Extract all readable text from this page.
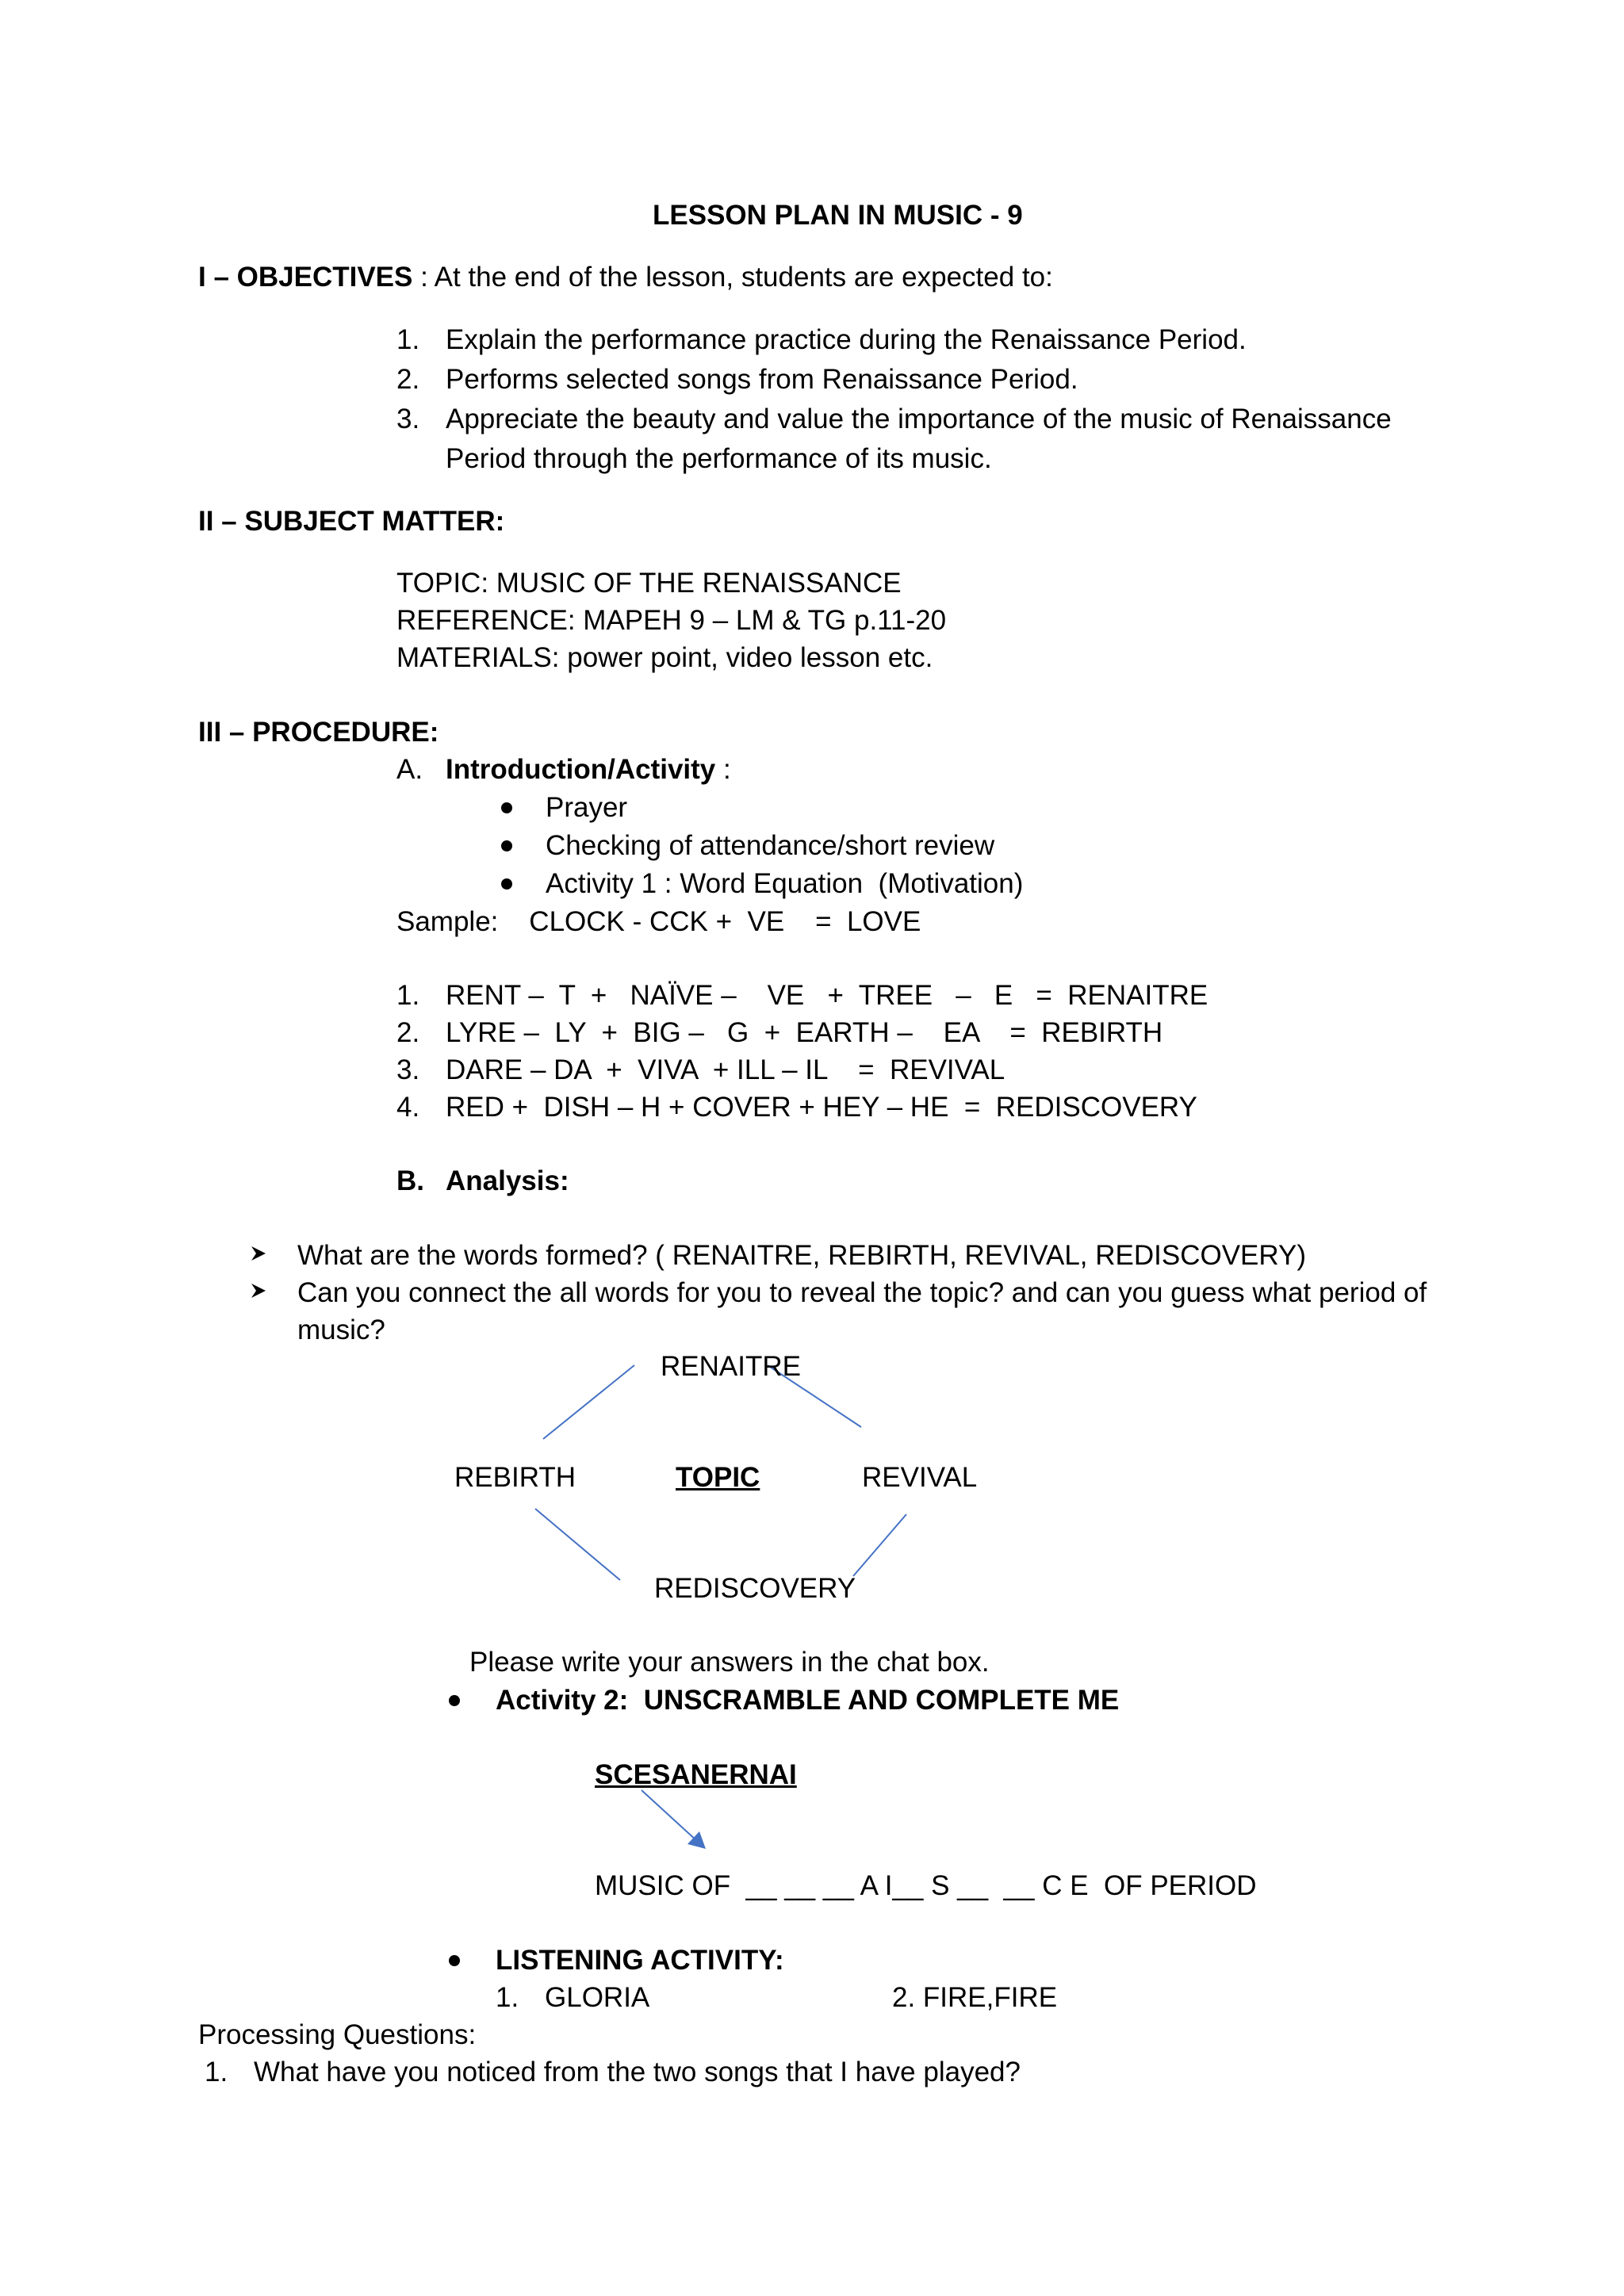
LESSON PLAN IN MUSIC - 9
I – OBJECTIVES : At the end of the lesson, students are expected to:
1. Explain the performance practice during the Renaissance Period.
2. Performs selected songs from Renaissance Period.
3. Appreciate the beauty and value the importance of the music of Renaissance
Period through the performance of its music.
II – SUBJECT MATTER:
TOPIC: MUSIC OF THE RENAISSANCE
REFERENCE: MAPEH 9 – LM & TG p.11-20
MATERIALS: power point, video lesson etc.
III – PROCEDURE:
A. Introduction/Activity :
Prayer
Checking of attendance/short review
Activity 1 : Word Equation  (Motivation)
Sample:    CLOCK - CCK +  VE    =  LOVE
1. RENT –  T  +   NAÏVE –    VE   +  TREE   –   E   =  RENAITRE
2. LYRE –  LY  +  BIG –   G  +  EARTH –    EA    =  REBIRTH
3. DARE – DA  +  VIVA  + ILL – IL    =  REVIVAL
4. RED +  DISH – H + COVER + HEY – HE  =  REDISCOVERY
B. Analysis:
What are the words formed? ( RENAITRE, REBIRTH, REVIVAL, REDISCOVERY)
Can you connect the all words for you to reveal the topic? and can you guess what period of
music?
RENAITRE
REBIRTH	TOPIC	REVIVAL
REDISCOVERY
Please write your answers in the chat box.
Activity 2:  UNSCRAMBLE AND COMPLETE ME
SCESANERNAI
MUSIC OF  __ __ __ A I__ S __  __ C E  OF PERIOD
LISTENING ACTIVITY:
1. GLORIA	2. FIRE,FIRE
Processing Questions:
1. What have you noticed from the two songs that I have played?
